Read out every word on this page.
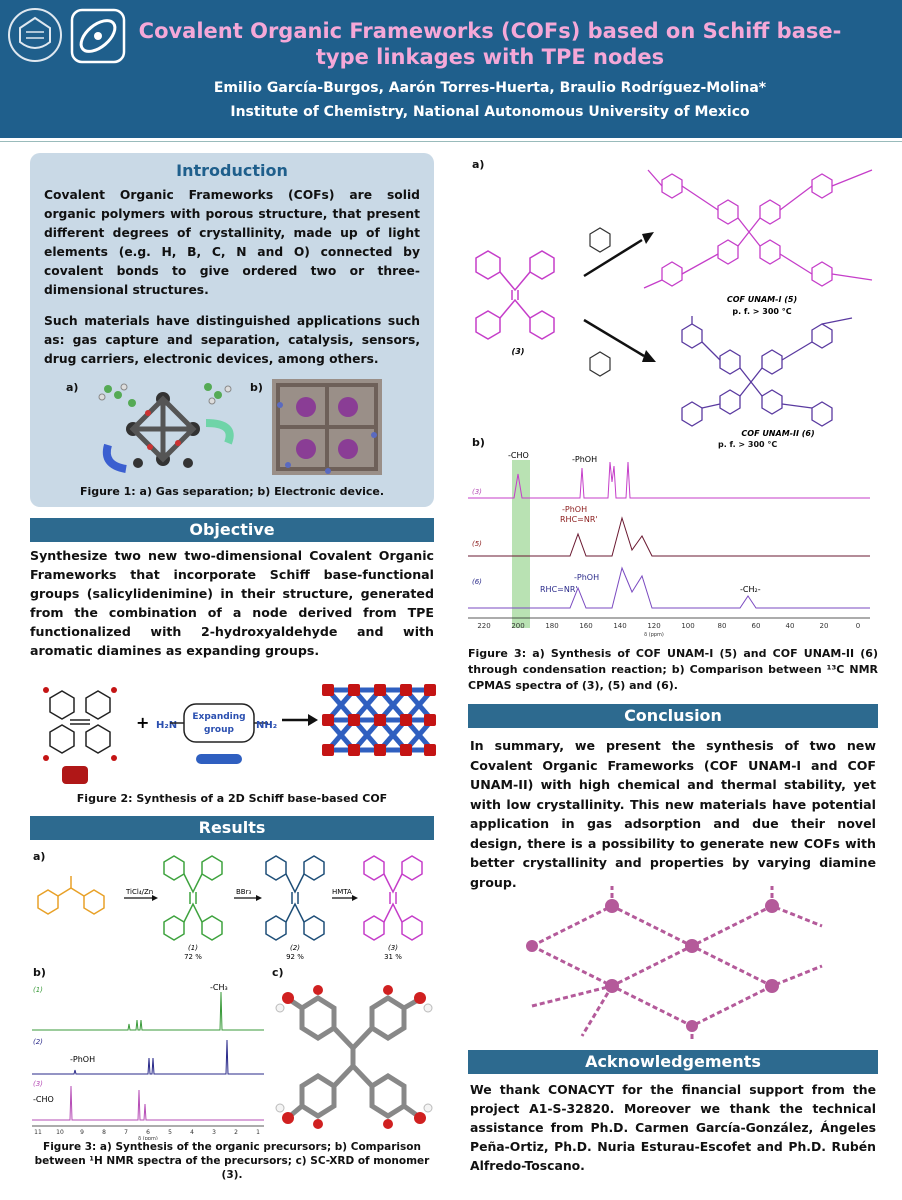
Covalent Organic Frameworks (COFs) based on Schiff base-type linkages with TPE nodes
Emilio García-Burgos, Aarón Torres-Huerta, Braulio Rodríguez-Molina*
Institute of Chemistry, National Autonomous University of Mexico
Introduction

Covalent Organic Frameworks (COFs) are solid organic polymers with porous structure, that present different degrees of crystallinity, made up of light elements (e.g. H, B, C, N and O) connected by covalent bonds to give ordered two or three-dimensional structures.

Such materials have distinguished applications such as: gas capture and separation, catalysis, sensors, drug carriers, electronic devices, among others.

a)	b)
Figure 1: a) Gas separation; b) Electronic device.
Objective
Synthesize two new two-dimensional Covalent Organic Frameworks that incorporate Schiff base-functional groups (salicylidenimine) in their structure, generated from the combination of a node derived from TPE functionalized with 2-hydroxyaldehyde and with aromatic diamines as expanding groups.
+ H₂N
Expanding
group NH₂
Figure 2: Synthesis of a 2D Schiff base-based COF
Results
a)
TiCl₄/Zn
(1)
72 %
BBr₃
(2)
92 %
HMTA
(3)
31 %
b)	c)
(1)	-CH₃
(2)
-PhOH
(3)
-CHO
11 10	9	8	7	6	5	4	3	2	1
δ (ppm)
Figure 3: a) Synthesis of the organic precursors; b) Comparison
between ¹H NMR spectra of the precursors; c) SC-XRD of monomer (3).
a)
(3)
COF UNAM-I (5)
p. f. > 300 °C
COF UNAM-II (6)
p. f. > 300 °C
b)
-CHO	-PhOH
(3)
-PhOH
RHC=NR'
(5)
-PhOH
RHC=NR'	-CH₂-
(6)
220	200	180	160	140	120	100	80	60	40	20	0
δ (ppm)
Figure 3: a) Synthesis of COF UNAM-I (5) and COF UNAM-II (6) through condensation reaction; b) Comparison between ¹³C NMR CPMAS spectra of (3), (5) and (6).
Conclusion
In summary, we present the synthesis of two new Covalent Organic Frameworks (COF UNAM-I and COF UNAM-II) with high chemical and thermal stability, yet with low crystallinity. This new materials have potential application in gas adsorption and due their novel design, there is a possibility to generate new COFs with better crystallinity and properties by varying diamine group.
Acknowledgements
We thank CONACYT for the financial support from the project A1-S-32820. Moreover we thank the technical assistance from Ph.D. Carmen García-González, Ángeles Peña-Ortiz, Ph.D. Nuria Esturau-Escofet and Ph.D. Rubén Alfredo-Toscano.
